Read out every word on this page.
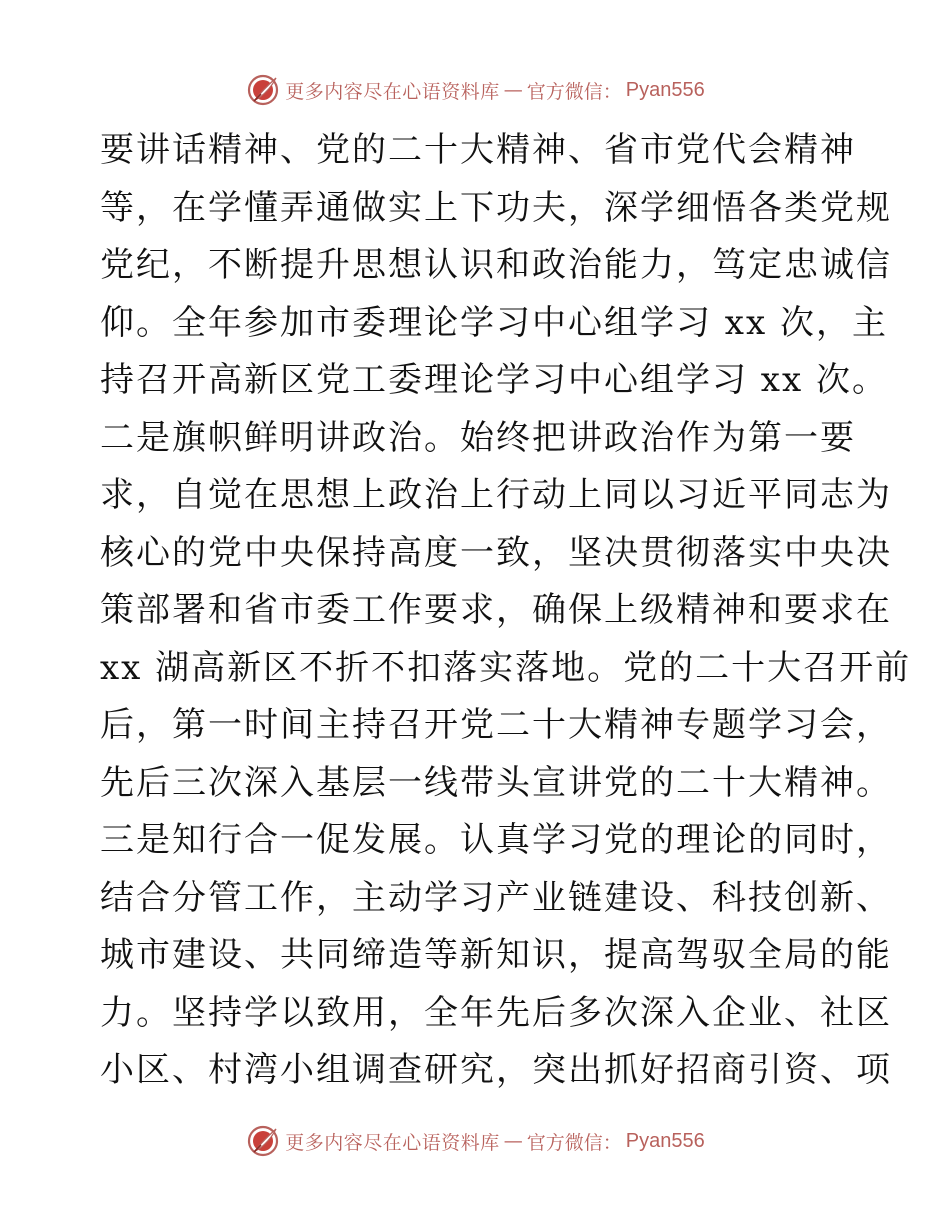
更多内容尽在心语资料库 — 官方微信： Pyan556
要讲话精神、党的二十大精神、省市党代会精神
等，在学懂弄通做实上下功夫，深学细悟各类党规
党纪，不断提升思想认识和政治能力，笃定忠诚信
仰。全年参加市委理论学习中心组学习 xx 次，主
持召开高新区党工委理论学习中心组学习 xx 次。
二是旗帜鲜明讲政治。始终把讲政治作为第一要
求，自觉在思想上政治上行动上同以习近平同志为
核心的党中央保持高度一致，坚决贯彻落实中央决
策部署和省市委工作要求，确保上级精神和要求在
xx 湖高新区不折不扣落实落地。党的二十大召开前
后，第一时间主持召开党二十大精神专题学习会，
先后三次深入基层一线带头宣讲党的二十大精神。
三是知行合一促发展。认真学习党的理论的同时，
结合分管工作，主动学习产业链建设、科技创新、
城市建设、共同缔造等新知识，提高驾驭全局的能
力。坚持学以致用，全年先后多次深入企业、社区
小区、村湾小组调查研究，突出抓好招商引资、项
更多内容尽在心语资料库 — 官方微信： Pyan556
